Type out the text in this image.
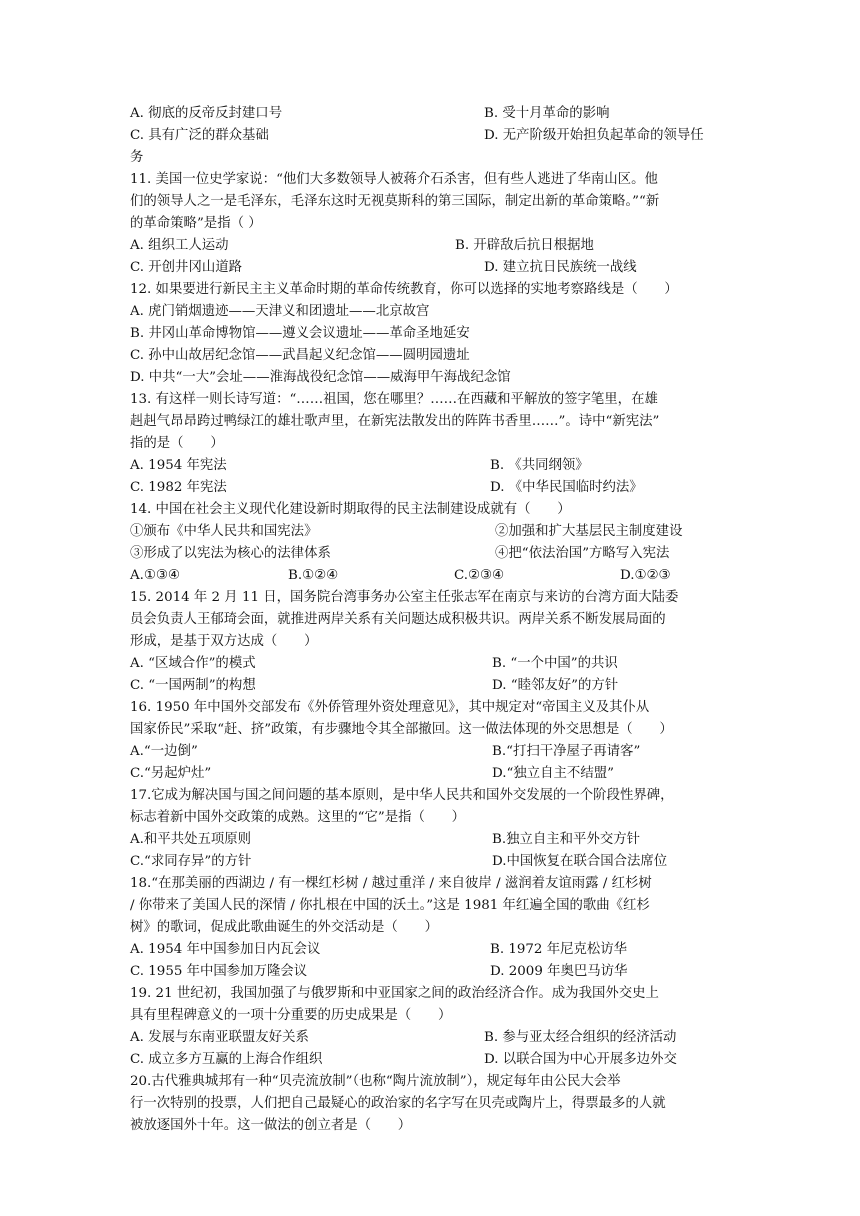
A. 彻底的反帝反封建口号	B. 受十月革命的影响
C. 具有广泛的群众基础	D. 无产阶级开始担负起革命的领导任
务
11. 美国一位史学家说：“他们大多数领导人被蒋介石杀害，但有些人逃进了华南山区。他
们的领导人之一是毛泽东，毛泽东这时无视莫斯科的第三国际，制定出新的革命策略。”“新
的革命策略”是指（ ）
A. 组织工人运动	B. 开辟敌后抗日根据地
C. 开创井冈山道路	D. 建立抗日民族统一战线
12. 如果要进行新民主主义革命时期的革命传统教育，你可以选择的实地考察路线是（　　）
A. 虎门销烟遗迹——天津义和团遗址——北京故宫
B. 井冈山革命博物馆——遵义会议遗址——革命圣地延安
C. 孙中山故居纪念馆——武昌起义纪念馆——圆明园遗址
D. 中共“一大”会址——淮海战役纪念馆——威海甲午海战纪念馆
13. 有这样一则长诗写道：“……祖国，您在哪里？……在西藏和平解放的签字笔里，在雄
赳赳气昂昂跨过鸭绿江的雄壮歌声里，在新宪法散发出的阵阵书香里……”。诗中“新宪法”
指的是（　　）
A. 1954 年宪法	B. 《共同纲领》
C. 1982 年宪法	D. 《中华民国临时约法》
14. 中国在社会主义现代化建设新时期取得的民主法制建设成就有（　　）
①颁布《中华人民共和国宪法》	②加强和扩大基层民主制度建设
③形成了以宪法为核心的法律体系	④把“依法治国”方略写入宪法
A.①③④	B.①②④	C.②③④	D.①②③
15. 2014 年 2 月 11 日，国务院台湾事务办公室主任张志军在南京与来访的台湾方面大陆委
员会负责人王郁琦会面，就推进两岸关系有关问题达成积极共识。两岸关系不断发展局面的
形成，是基于双方达成（　　）
A. “区域合作”的模式	B. “一个中国”的共识
C. “一国两制”的构想	D. “睦邻友好”的方针
16. 1950 年中国外交部发布《外侨管理外资处理意见》，其中规定对“帝国主义及其仆从
国家侨民”采取“赶、挤”政策，有步骤地令其全部撤回。这一做法体现的外交思想是（　　）
A.“一边倒”	B.“打扫干净屋子再请客”
C.“另起炉灶”	D.“独立自主不结盟”
17.它成为解决国与国之间问题的基本原则，是中华人民共和国外交发展的一个阶段性界碑，
标志着新中国外交政策的成熟。这里的“它”是指（　　）
A.和平共处五项原则	B.独立自主和平外交方针
C.“求同存异”的方针	D.中国恢复在联合国合法席位
18.“在那美丽的西湖边 / 有一棵红杉树 / 越过重洋 / 来自彼岸 / 滋润着友谊雨露 / 红杉树
/ 你带来了美国人民的深情 / 你扎根在中国的沃土。”这是 1981 年红遍全国的歌曲《红杉
树》的歌词，促成此歌曲诞生的外交活动是（　　）
A. 1954 年中国参加日内瓦会议	B. 1972 年尼克松访华
C. 1955 年中国参加万隆会议	D. 2009 年奥巴马访华
19. 21 世纪初，我国加强了与俄罗斯和中亚国家之间的政治经济合作。成为我国外交史上
具有里程碑意义的一项十分重要的历史成果是（　　）
A. 发展与东南亚联盟友好关系	B. 参与亚太经合组织的经济活动
C. 成立多方互赢的上海合作组织	D. 以联合国为中心开展多边外交
20.古代雅典城邦有一种“贝壳流放制”（也称“陶片流放制”），规定每年由公民大会举
行一次特别的投票，人们把自己最疑心的政治家的名字写在贝壳或陶片上，得票最多的人就
被放逐国外十年。这一做法的创立者是（　　）
